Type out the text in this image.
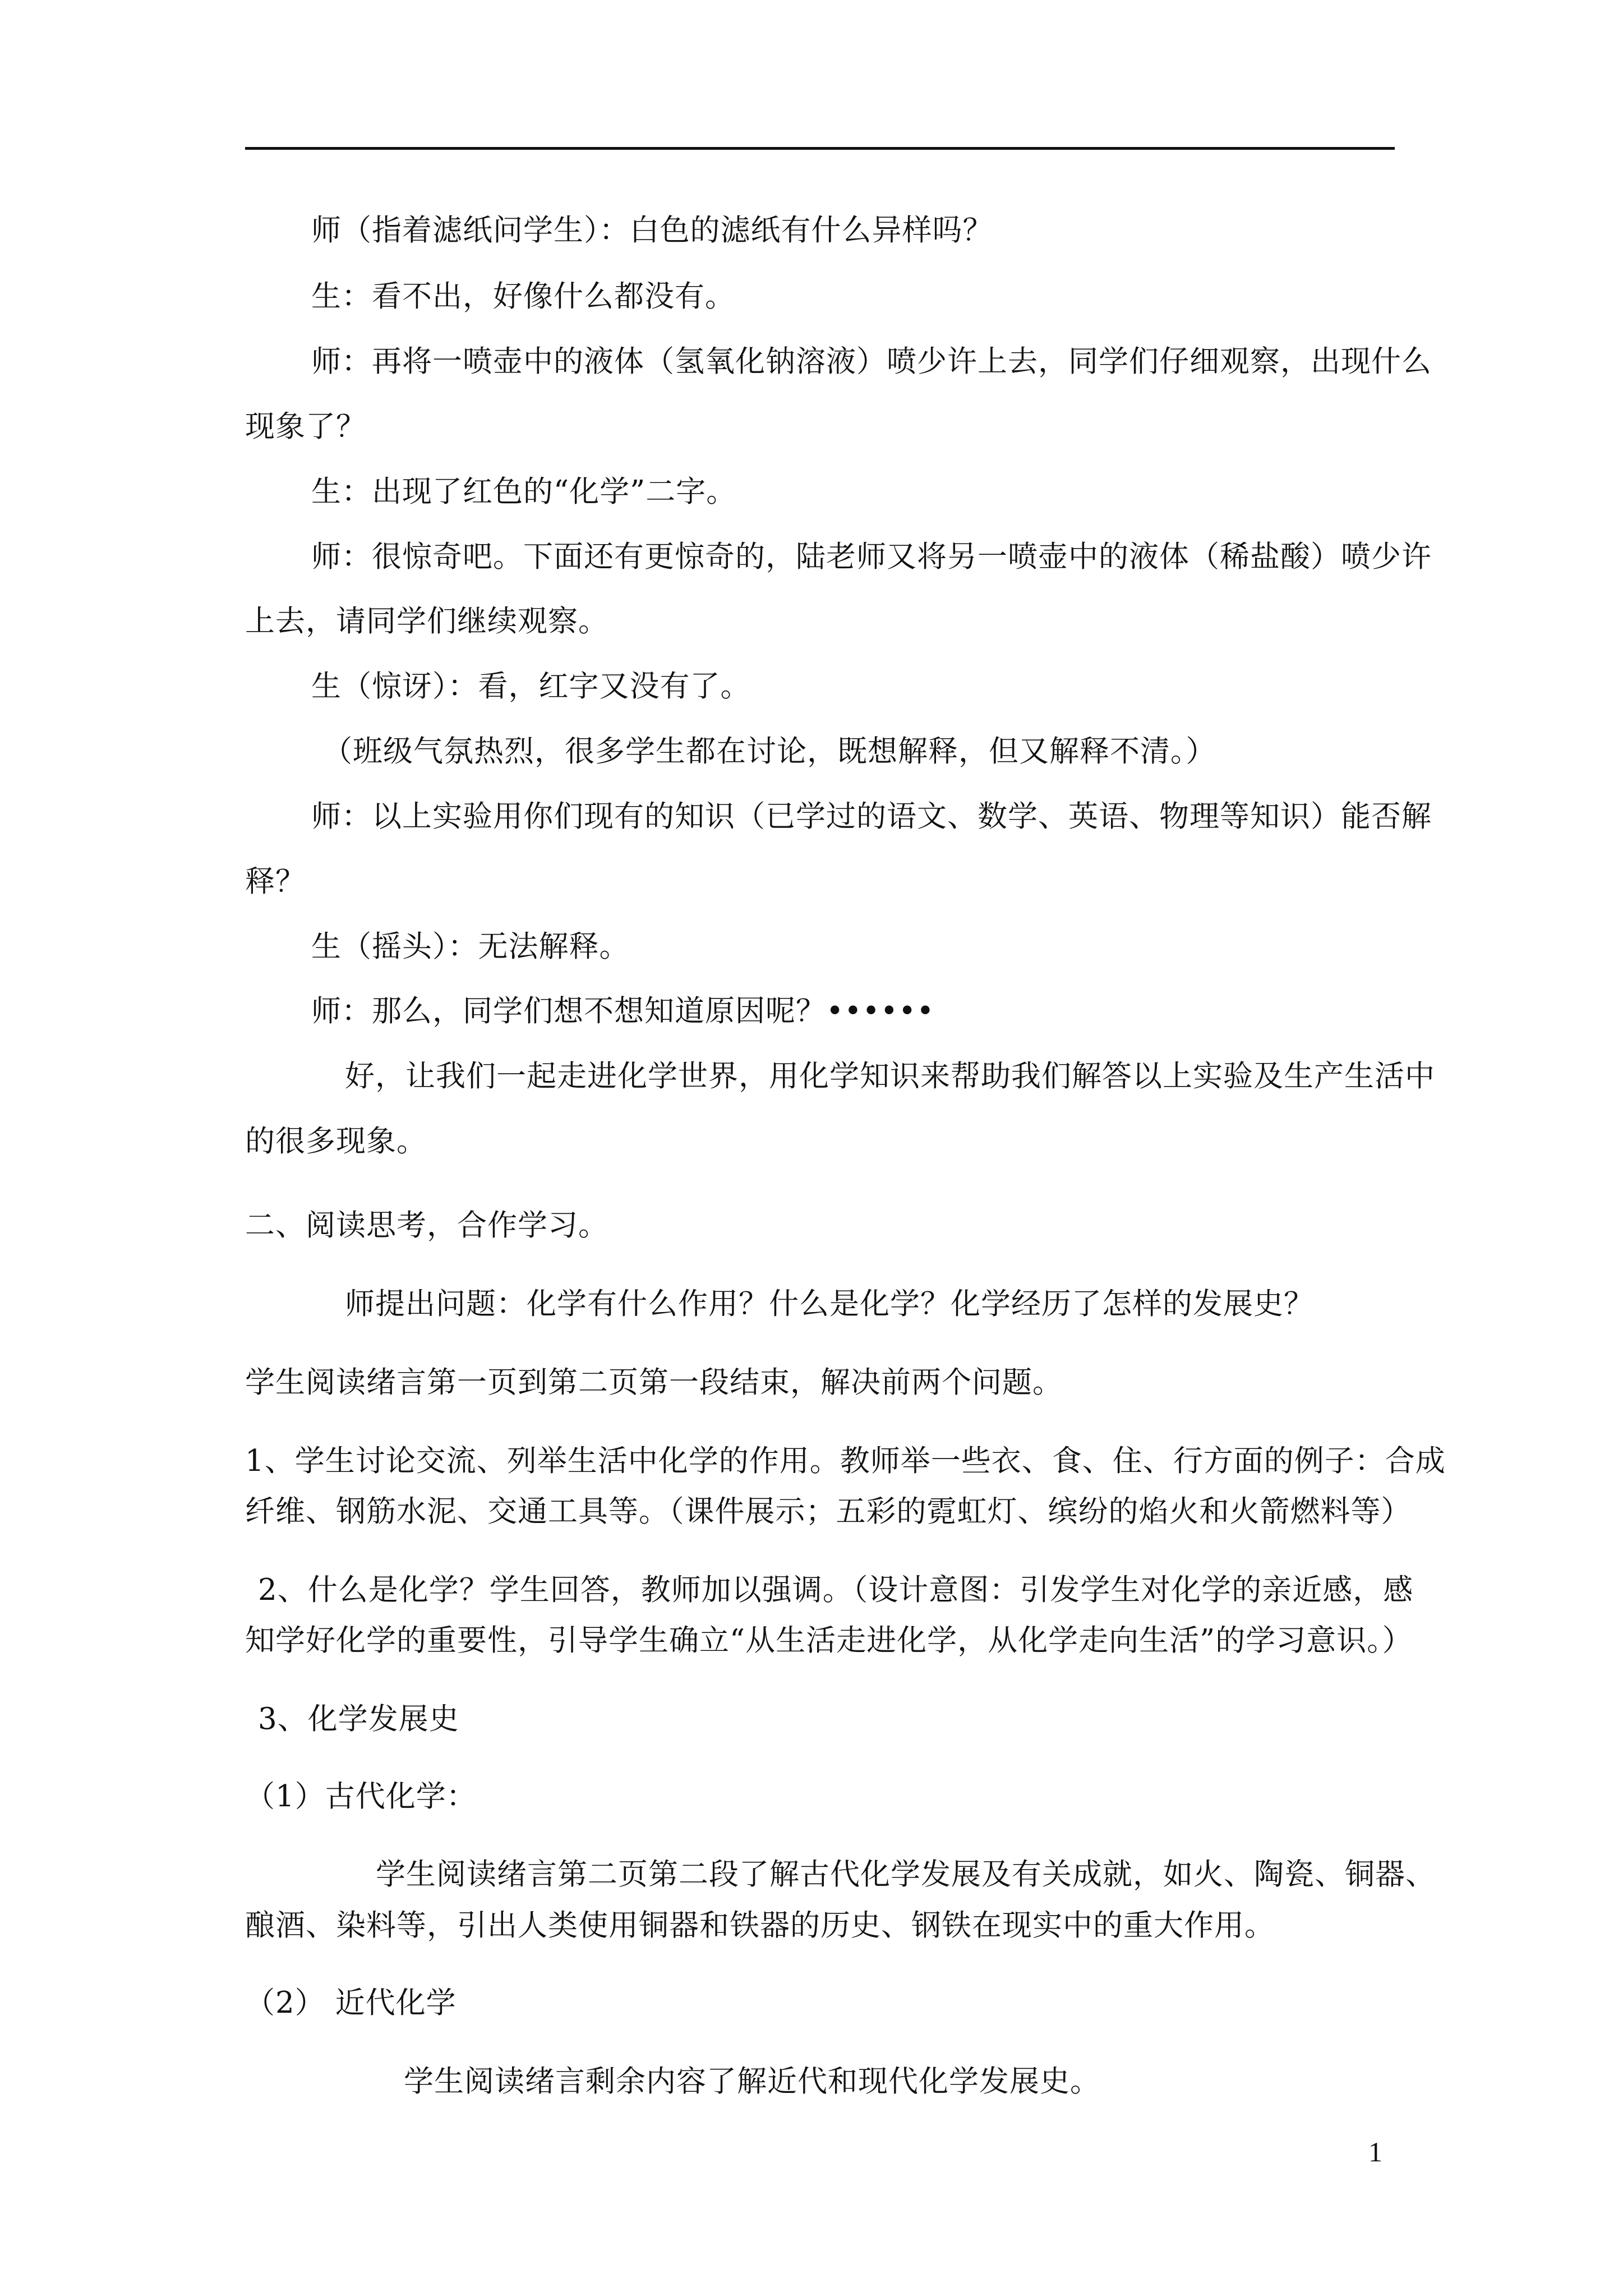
师（指着滤纸问学生）：白色的滤纸有什么异样吗？
生：看不出，好像什么都没有。
师：再将一喷壶中的液体（氢氧化钠溶液）喷少许上去，同学们仔细观察，出现什么
现象了？
生：出现了红色的“化学”二字。
师：很惊奇吧。下面还有更惊奇的，陆老师又将另一喷壶中的液体（稀盐酸）喷少许
上去，请同学们继续观察。
生（惊讶）：看，红字又没有了。
（班级气氛热烈，很多学生都在讨论，既想解释，但又解释不清。）
师：以上实验用你们现有的知识（已学过的语文、数学、英语、物理等知识）能否解
释？
生（摇头）：无法解释。
师：那么，同学们想不想知道原因呢？••••••
好，让我们一起走进化学世界，用化学知识来帮助我们解答以上实验及生产生活中
的很多现象。
二、阅读思考，合作学习。
师提出问题：化学有什么作用？什么是化学？化学经历了怎样的发展史？
学生阅读绪言第一页到第二页第一段结束，解决前两个问题。
1、学生讨论交流、列举生活中化学的作用。教师举一些衣、食、住、行方面的例子：合成
纤维、钢筋水泥、交通工具等。（课件展示；五彩的霓虹灯、缤纷的焰火和火箭燃料等）
2、什么是化学？学生回答，教师加以强调。（设计意图：引发学生对化学的亲近感，感
知学好化学的重要性，引导学生确立“从生活走进化学，从化学走向生活”的学习意识。）
3、化学发展史
（1）古代化学：
学生阅读绪言第二页第二段了解古代化学发展及有关成就，如火、陶瓷、铜器、
酿酒、染料等，引出人类使用铜器和铁器的历史、钢铁在现实中的重大作用。
（2） 近代化学
学生阅读绪言剩余内容了解近代和现代化学发展史。
1
